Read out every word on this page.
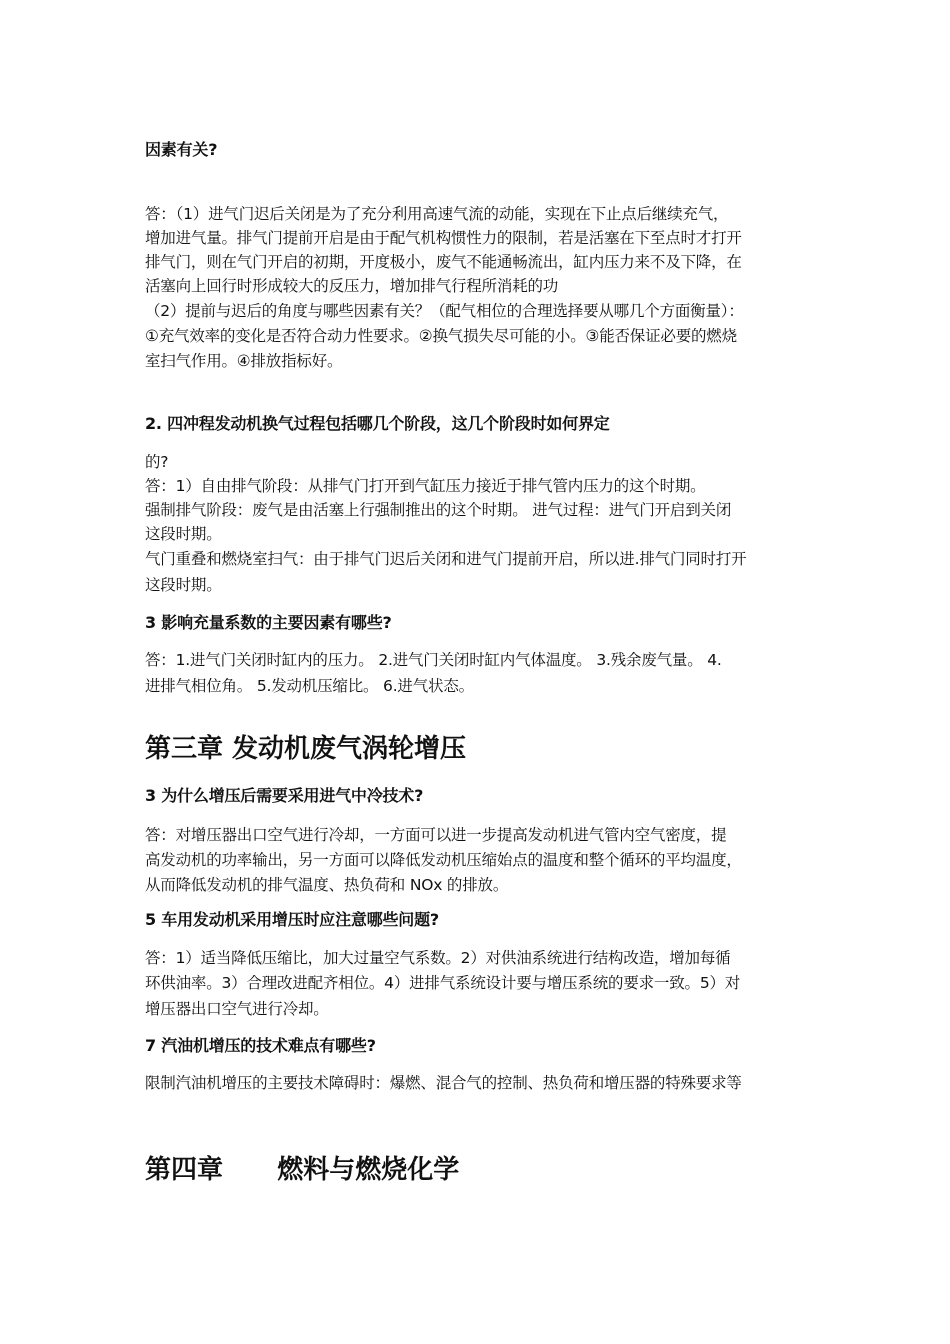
因素有关?
答：（1）进气门迟后关闭是为了充分利用高速气流的动能，实现在下止点后继续充气，
增加进气量。排气门提前开启是由于配气机构惯性力的限制，若是活塞在下至点时才打开
排气门，则在气门开启的初期，开度极小，废气不能通畅流出，缸内压力来不及下降，在
活塞向上回行时形成较大的反压力，增加排气行程所消耗的功
（2）提前与迟后的角度与哪些因素有关？（配气相位的合理选择要从哪几个方面衡量）：
①充气效率的变化是否符合动力性要求。②换气损失尽可能的小。③能否保证必要的燃烧
室扫气作用。④排放指标好。
2. 四冲程发动机换气过程包括哪几个阶段，这几个阶段时如何界定
的?
答：1）自由排气阶段：从排气门打开到气缸压力接近于排气管内压力的这个时期。
强制排气阶段：废气是由活塞上行强制推出的这个时期。 进气过程：进气门开启到关闭
这段时期。
气门重叠和燃烧室扫气：由于排气门迟后关闭和进气门提前开启，所以进.排气门同时打开
这段时期。
3 影响充量系数的主要因素有哪些?
答：1.进气门关闭时缸内的压力。 2.进气门关闭时缸内气体温度。 3.残余废气量。 4.
进排气相位角。 5.发动机压缩比。 6.进气状态。
第三章 发动机废气涡轮增压
3 为什么增压后需要采用进气中冷技术?
答：对增压器出口空气进行冷却，一方面可以进一步提高发动机进气管内空气密度，提
高发动机的功率输出，另一方面可以降低发动机压缩始点的温度和整个循环的平均温度，
从而降低发动机的排气温度、热负荷和 NOx 的排放。
5 车用发动机采用增压时应注意哪些问题?
答：1）适当降低压缩比，加大过量空气系数。2）对供油系统进行结构改造，增加每循
环供油率。3）合理改进配齐相位。4）进排气系统设计要与增压系统的要求一致。5）对
增压器出口空气进行冷却。
7 汽油机增压的技术难点有哪些?
限制汽油机增压的主要技术障碍时：爆燃、混合气的控制、热负荷和增压器的特殊要求等
第四章      燃料与燃烧化学
